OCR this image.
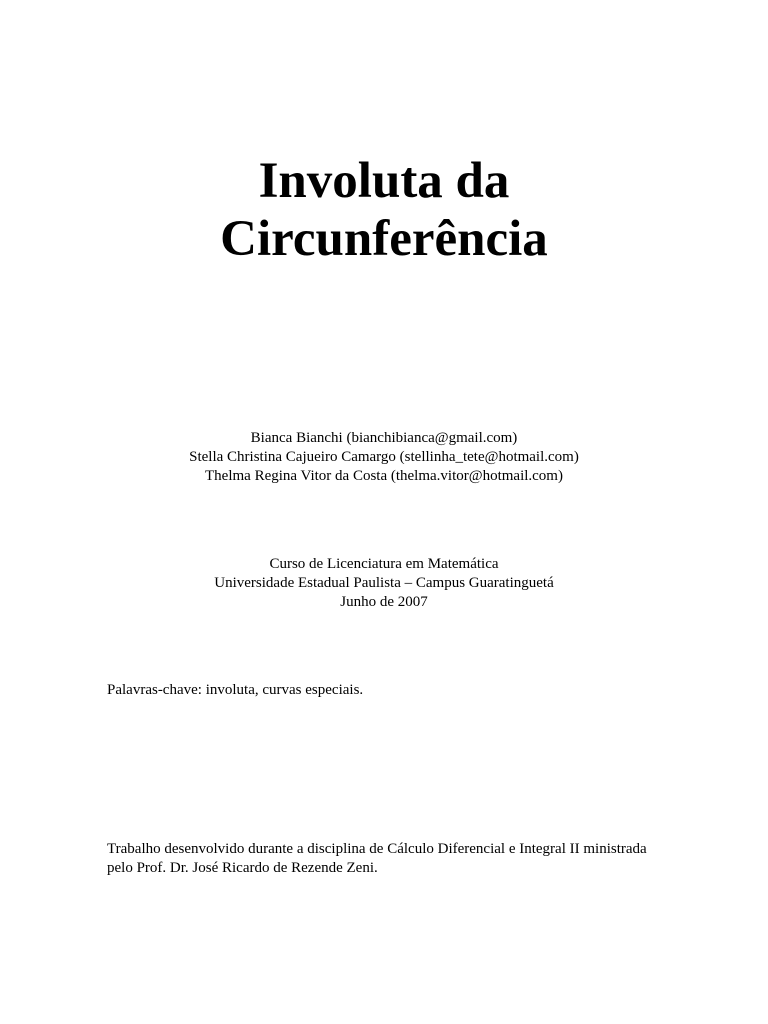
Involuta da
Circunferência
Bianca Bianchi (bianchibianca@gmail.com)
Stella Christina Cajueiro Camargo (stellinha_tete@hotmail.com)
Thelma Regina Vitor da Costa (thelma.vitor@hotmail.com)
Curso de Licenciatura em Matemática
Universidade Estadual Paulista – Campus Guaratinguetá
Junho de 2007
Palavras-chave: involuta, curvas especiais.
Trabalho desenvolvido durante a disciplina de Cálculo Diferencial e Integral II ministrada
pelo Prof. Dr. José Ricardo de Rezende Zeni.
